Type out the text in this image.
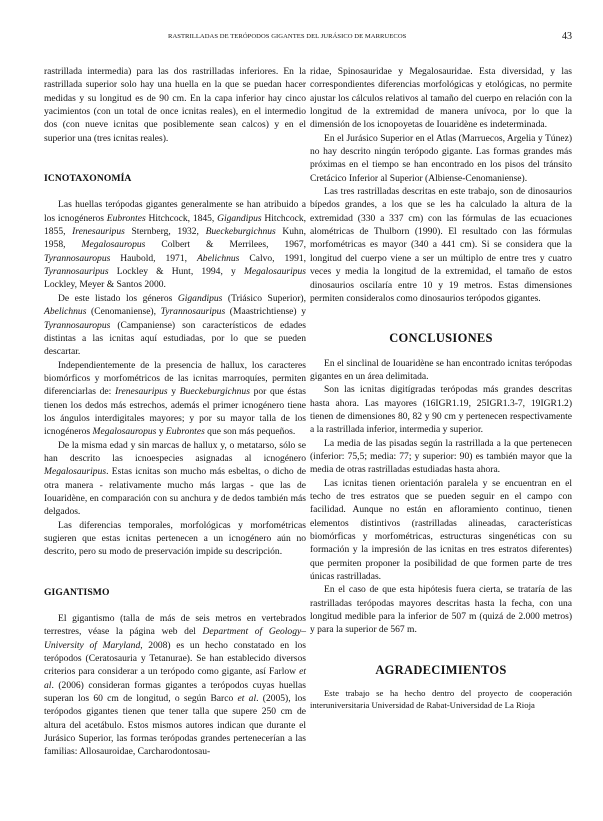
RASTRILLADAS DE TERÓPODOS GIGANTES DEL JURÁSICO DE MARRUECOS	43

rastrillada intermedia) para las dos rastrilladas inferiores. En la rastrillada superior solo hay una huella en la que se puedan hacer medidas y su longitud es de 90 cm. En la capa inferior hay cinco yacimientos (con un total de once icnitas reales), en el intermedio dos (con nueve icnitas que posiblemente sean calcos) y en el superior una (tres icnitas reales).

ICNOTAXONOMÍA

Las huellas terópodas gigantes generalmente se han atribuido a los icnogéneros Eubrontes Hitchcock, 1845, Gigandipus Hitchcock, 1855, Irenesauripus Sternberg, 1932, Bueckeburgichnus Kuhn, 1958, Megalosauropus Colbert & Merrilees, 1967, Tyrannosauropus Haubold, 1971, Abelichnus Calvo, 1991, Tyrannosauripus Lockley & Hunt, 1994, y Megalosauripus Lockley, Meyer & Santos 2000.

De este listado los géneros Gigandipus (Triásico Superior), Abelichnus (Cenomaniense), Tyrannosauripus (Maastrichtiense) y Tyrannosauropus (Campaniense) son característicos de edades distintas a las icnitas aquí estudiadas, por lo que se pueden descartar.

Independientemente de la presencia de hallux, los caracteres biomórficos y morfométricos de las icnitas marroquíes, permiten diferenciarlas de: Irenesauripus y Bueckeburgichnus por que éstas tienen los dedos más estrechos, además el primer icnogénero tiene los ángulos interdigitales mayores; y por su mayor talla de los icnogéneros Megalosauropus y Eubrontes que son más pequeños.

De la misma edad y sin marcas de hallux y, o metatarso, sólo se han descrito las icnoespecies asignadas al icnogénero Megalosauripus. Estas icnitas son mucho más esbeltas, o dicho de otra manera - relativamente mucho más largas - que las de Iouaridène, en comparación con su anchura y de dedos también más delgados.

Las diferencias temporales, morfológicas y morfométricas sugieren que estas icnitas pertenecen a un icnogénero aún no descrito, pero su modo de preservación impide su descripción.

GIGANTISMO

El gigantismo (talla de más de seis metros en vertebrados terrestres, véase la página web del Department of Geology–University of Maryland, 2008) es un hecho constatado en los terópodos (Ceratosauria y Tetanurae). Se han establecido diversos criterios para considerar a un terópodo como gigante, así Farlow et al. (2006) consideran formas gigantes a terópodos cuyas huellas superan los 60 cm de longitud, o según Barco et al. (2005), los terópodos gigantes tienen que tener talla que supere 250 cm de altura del acetábulo. Estos mismos autores indican que durante el Jurásico Superior, las formas terópodas grandes pertenecerían a las familias: Allosauroidae, Carcharodontosau-

ridae, Spinosauridae y Megalosauridae. Esta diversidad, y las correspondientes diferencias morfológicas y etológicas, no permite ajustar los cálculos relativos al tamaño del cuerpo en relación con la longitud de la extremidad de manera unívoca, por lo que la dimensión de los icnopoyetas de Iouaridène es indeterminada.

En el Jurásico Superior en el Atlas (Marruecos, Argelia y Túnez) no hay descrito ningún terópodo gigante. Las formas grandes más próximas en el tiempo se han encontrado en los pisos del tránsito Cretácico Inferior al Superior (Albiense-Cenomaniense).

Las tres rastrilladas descritas en este trabajo, son de dinosaurios bípedos grandes, a los que se les ha calculado la altura de la extremidad (330 a 337 cm) con las fórmulas de las ecuaciones alométricas de Thulborn (1990). El resultado con las fórmulas morfométricas es mayor (340 a 441 cm). Si se considera que la longitud del cuerpo viene a ser un múltiplo de entre tres y cuatro veces y media la longitud de la extremidad, el tamaño de estos dinosaurios oscilaría entre 10 y 19 metros. Estas dimensiones permiten consideralos como dinosaurios terópodos gigantes.

CONCLUSIONES

En el sinclinal de Iouaridène se han encontrado icnitas terópodas gigantes en un área delimitada.

Son las icnitas digitígradas terópodas más grandes descritas hasta ahora. Las mayores (16IGR1.19, 25IGR1.3-7, 19IGR1.2) tienen de dimensiones 80, 82 y 90 cm y pertenecen respectivamente a la rastrillada inferior, intermedia y superior.

La media de las pisadas según la rastrillada a la que pertenecen (inferior: 75,5; media: 77; y superior: 90) es también mayor que la media de otras rastrilladas estudiadas hasta ahora.

Las icnitas tienen orientación paralela y se encuentran en el techo de tres estratos que se pueden seguir en el campo con facilidad. Aunque no están en afloramiento continuo, tienen elementos distintivos (rastrilladas alineadas, características biomórficas y morfométricas, estructuras singenéticas con su formación y la impresión de las icnitas en tres estratos diferentes) que permiten proponer la posibilidad de que formen parte de tres únicas rastrilladas.

En el caso de que esta hipótesis fuera cierta, se trataría de las rastrilladas terópodas mayores descritas hasta la fecha, con una longitud medible para la inferior de 507 m (quizá de 2.000 metros) y para la superior de 567 m.

AGRADECIMIENTOS

Este trabajo se ha hecho dentro del proyecto de cooperación interuniversitaria Universidad de Rabat-Universidad de La Rioja
